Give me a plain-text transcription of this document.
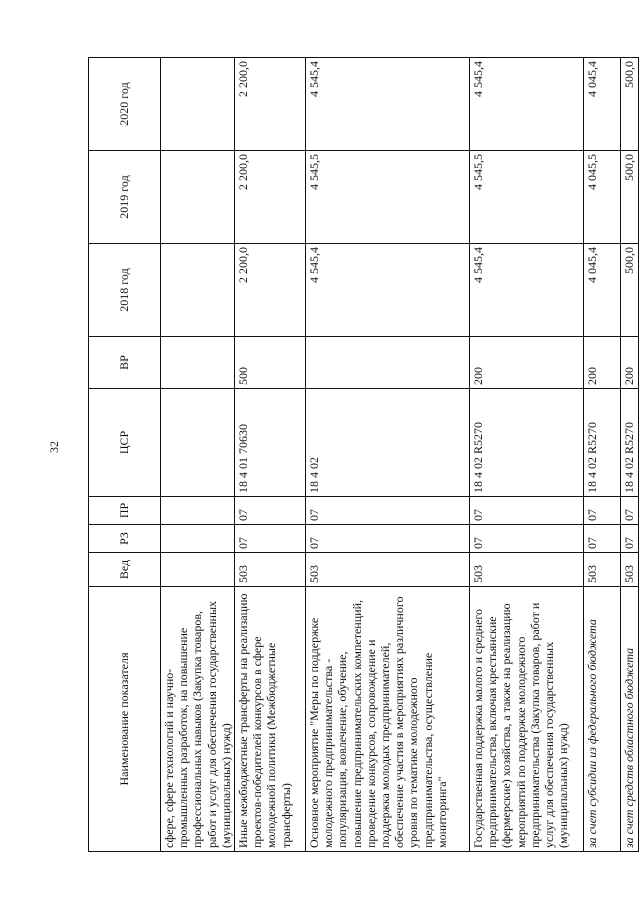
32
Наименование показателя	Вед	РЗ	ПР	ЦСР	ВР	2018 год	2019 год	2020 год
сфере, сфере технологий и научно-промышленных разработок, на повышение профессиональных навыков (Закупка товаров, работ и услуг для обеспечения государственных (муниципальных) нужд)								
Иные межбюджетные трансферты на реализацию проектов-победителей конкурсов в сфере молодежной политики (Межбюджетные трансферты)	503	07	07	18 4 01 70630	500	2 200,0	2 200,0	2 200,0
Основное мероприятие "Меры по поддержке молодежного предпринимательства - популяризация, вовлечение, обучение, повышение предпринимательских компетенций, проведение конкурсов, сопровождение и поддержка молодых предпринимателей, обеспечение участия в мероприятиях различного уровня по тематике молодежного предпринимательства, осуществление мониторинга"	503	07	07	18 4 02		4 545,4	4 545,5	4 545,4
Государственная поддержка малого и среднего предпринимательства, включая крестьянские (фермерские) хозяйства, а также на реализацию мероприятий по поддержке молодежного предпринимательства (Закупка товаров, работ и услуг для обеспечения государственных (муниципальных) нужд)	503	07	07	18 4 02 R5270	200	4 545,4	4 545,5	4 545,4
за счет субсидии из федерального бюджета	503	07	07	18 4 02 R5270	200	4 045,4	4 045,5	4 045,4
за счет средств областного бюджета	503	07	07	18 4 02 R5270	200	500,0	500,0	500,0
